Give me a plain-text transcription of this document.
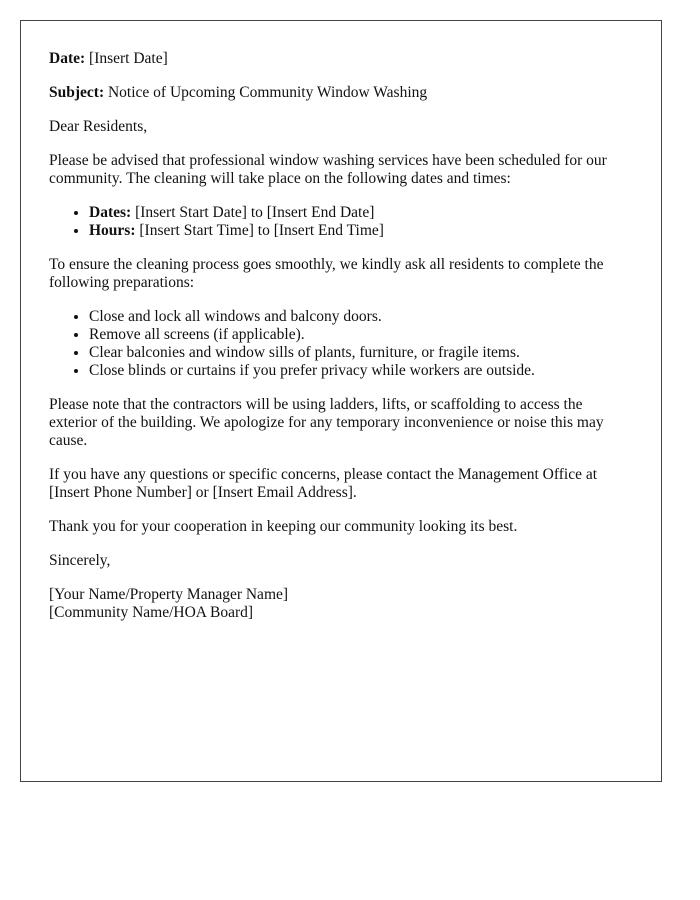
Date: [Insert Date]

Subject: Notice of Upcoming Community Window Washing

Dear Residents,

Please be advised that professional window washing services have been scheduled for our community. The cleaning will take place on the following dates and times:

• Dates: [Insert Start Date] to [Insert End Date]
• Hours: [Insert Start Time] to [Insert End Time]

To ensure the cleaning process goes smoothly, we kindly ask all residents to complete the following preparations:

• Close and lock all windows and balcony doors.
• Remove all screens (if applicable).
• Clear balconies and window sills of plants, furniture, or fragile items.
• Close blinds or curtains if you prefer privacy while workers are outside.

Please note that the contractors will be using ladders, lifts, or scaffolding to access the exterior of the building. We apologize for any temporary inconvenience or noise this may cause.

If you have any questions or specific concerns, please contact the Management Office at [Insert Phone Number] or [Insert Email Address].

Thank you for your cooperation in keeping our community looking its best.

Sincerely,

[Your Name/Property Manager Name]
[Community Name/HOA Board]
